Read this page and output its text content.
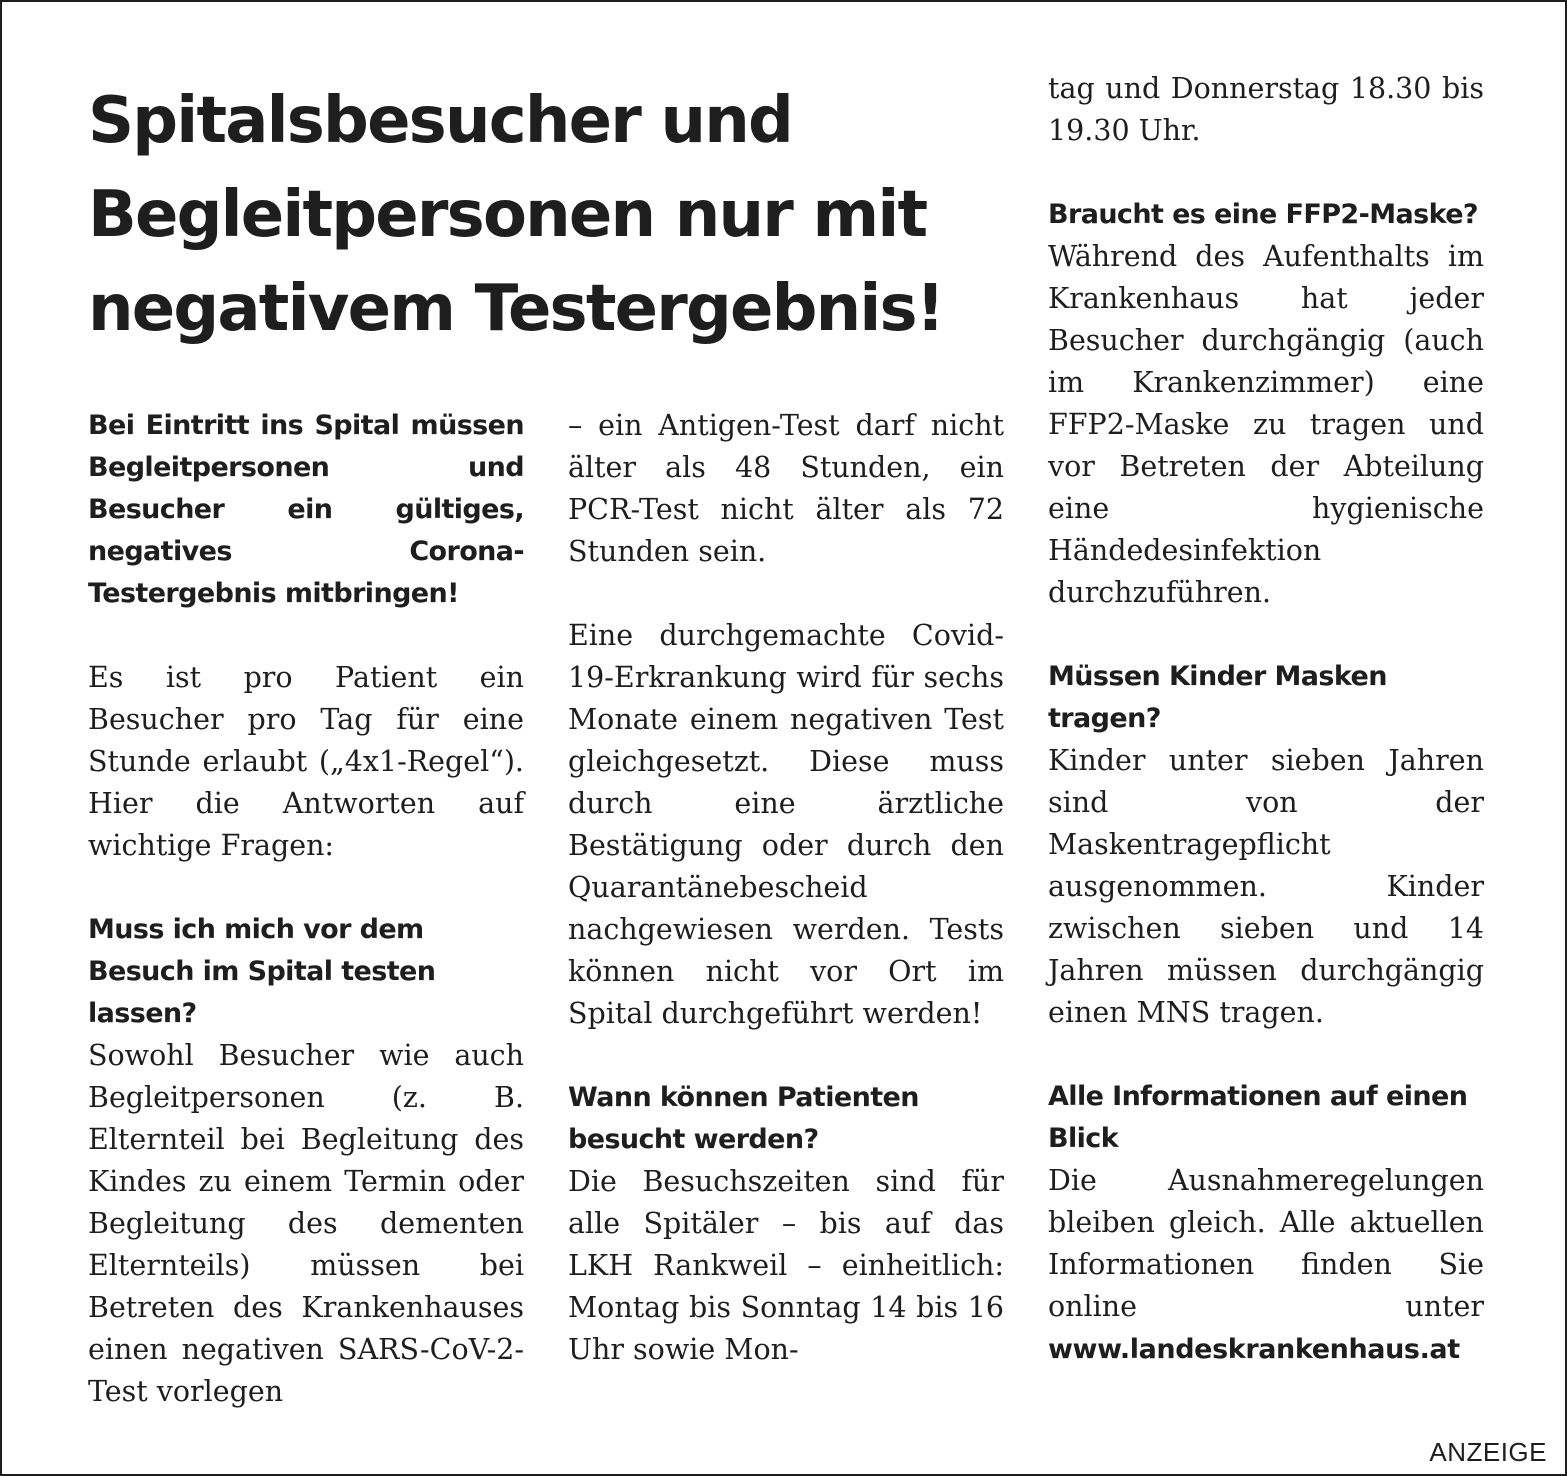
Spitalsbesucher und Begleitpersonen nur mit negativem Testergebnis!

Bei Eintritt ins Spital müssen Begleitpersonen und Besucher ein gültiges, negatives Corona-Testergebnis mitbringen!

Es ist pro Patient ein Besucher pro Tag für eine Stunde erlaubt („4x1-Regel“). Hier die Antworten auf wichtige Fragen:

Muss ich mich vor dem Besuch im Spital testen lassen?

Sowohl Besucher wie auch Begleitpersonen (z. B. Elternteil bei Begleitung des Kindes zu einem Termin oder Begleitung des dementen Elternteils) müssen bei Betreten des Krankenhauses einen negativen SARS-CoV-2-Test vorlegen

– ein Antigen-Test darf nicht älter als 48 Stunden, ein PCR-Test nicht älter als 72 Stunden sein.

Eine durchgemachte Covid-19-Erkrankung wird für sechs Monate einem negativen Test gleichgesetzt. Diese muss durch eine ärztliche Bestätigung oder durch den Quarantänebescheid nachgewiesen werden. Tests können nicht vor Ort im Spital durchgeführt werden!

Wann können Patienten besucht werden?

Die Besuchszeiten sind für alle Spitäler – bis auf das LKH Rankweil – einheitlich: Montag bis Sonntag 14 bis 16 Uhr sowie Mon-

tag und Donnerstag 18.30 bis 19.30 Uhr.

Braucht es eine FFP2-Maske?

Während des Aufenthalts im Krankenhaus hat jeder Besucher durchgängig (auch im Krankenzimmer) eine FFP2-Maske zu tragen und vor Betreten der Abteilung eine hygienische Händedesinfektion durchzuführen.

Müssen Kinder Masken tragen?

Kinder unter sieben Jahren sind von der Maskentragepflicht ausgenommen. Kinder zwischen sieben und 14 Jahren müssen durchgängig einen MNS tragen.

Alle Informationen auf einen Blick

Die Ausnahmeregelungen bleiben gleich. Alle aktuellen Informationen finden Sie online unter www.landeskrankenhaus.at

ANZEIGE
